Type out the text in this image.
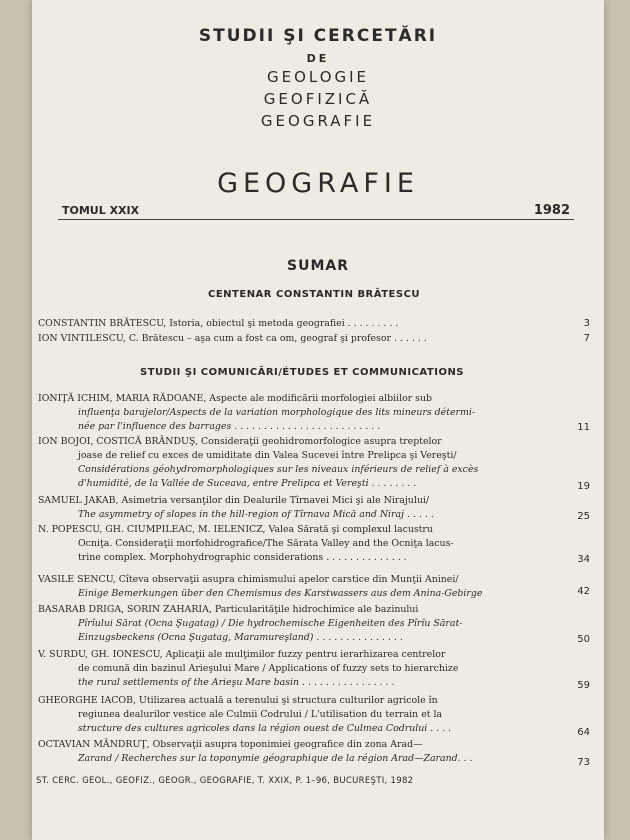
STUDII ŞI CERCETĂRI
DE
GEOLOGIE
GEOFIZICĂ
GEOGRAFIE
GEOGRAFIE
TOMUL XXIX	1982
SUMAR
CENTENAR CONSTANTIN BRĂTESCU
CONSTANTIN BRĂTESCU, Istoria, obiectul şi metoda geografiei . . . . . . . . .	3
ION VINTILESCU, C. Brătescu – aşa cum a fost ca om, geograf şi profesor . . . . . .	7
STUDII ŞI COMUNICĂRI/ÉTUDES ET COMMUNICATIONS
IONIŢĂ ICHIM, MARIA RĂDOANE, Aspecte ale modificării morfologiei albiilor sub
influenţa barajelor/Aspects de la variation morphologique des lits mineurs détermi-
née par l'influence des barrages . . . . . . . . . . . . . . . . . . . . . . . . .	11
ION BOJOI, COSTICĂ BRÂNDUŞ, Consideraţii geohidromorfologice asupra treptelor
joase de relief cu exces de umiditate din Valea Sucevei între Prelipca şi Vereşti/
Considérations géohydromorphologiques sur les niveaux inférieurs de relief à excès
d'humidité, de la Vallée de Suceava, entre Prelipca et Vereşti . . . . . . . .	19
SAMUEL JAKAB, Asimetria versanţilor din Dealurile Tîrnavei Mici şi ale Nirajului/
The asymmetry of slopes in the hill-region of Tîrnava Mică and Niraj . . . . .	25
N. POPESCU, GH. CIUMPILEAC, M. IELENICZ, Valea Sărată şi complexul lacustru
Ocniţa. Consideraţii morfohidrografice/The Sărata Valley and the Ocniţa lacus-
trine complex. Morphohydrographic considerations . . . . . . . . . . . . . .	34
VASILE SENCU, Cîteva observaţii asupra chimismului apelor carstice din Munţii Aninei/
Einige Bemerkungen über den Chemismus des Karstwassers aus dem Anina-Gebirge	42
BASARAB DRIGA, SORIN ZAHARIA, Particularităţile hidrochimice ale bazinului
Pîrîului Sărat (Ocna Şugatag) / Die hydrochemische Eigenheiten des Pîrîu Sărat-
Einzugsbeckens (Ocna Şugatag, Maramureşland) . . . . . . . . . . . . . . .	50
V. SURDU, GH. IONESCU, Aplicaţii ale mulţimilor fuzzy pentru ierarhizarea centrelor
de comună din bazinul Arieşului Mare / Applications of fuzzy sets to hierarchize
the rural settlements of the Arieşu Mare basin . . . . . . . . . . . . . . . .	59
GHEORGHE IACOB, Utilizarea actuală a terenului şi structura culturilor agricole în
regiunea dealurilor vestice ale Culmii Codrului / L'utilisation du terrain et la
structure des cultures agricoles dans la région ouest de Culmea Codrului . . . .	64
OCTAVIAN MÂNDRUŢ, Observaţii asupra toponimiei geografice din zona Arad—
Zarand / Recherches sur la toponymie géographique de la région Arad—Zarand. . .	73
ST. CERC. GEOL., GEOFIZ., GEOGR., GEOGRAFIE, T. XXIX, P. 1–96, BUCUREŞTI, 1982
